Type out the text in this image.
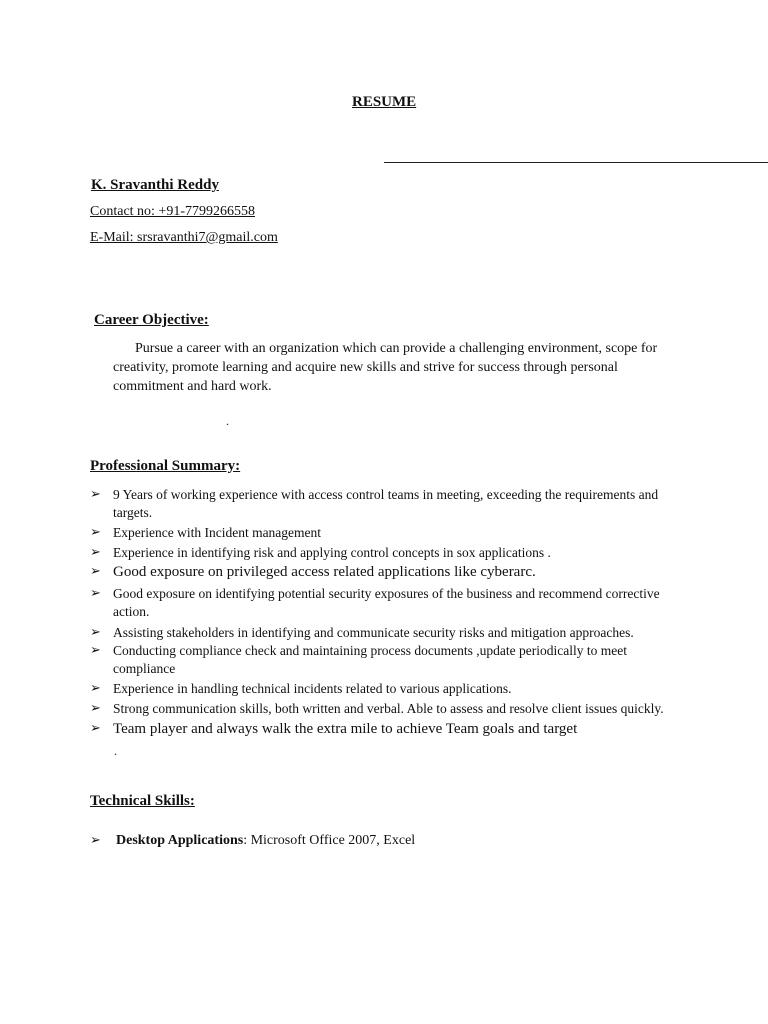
RESUME
K. Sravanthi Reddy
Contact no: +91-7799266558
E-Mail: srsravanthi7@gmail.com
Career Objective:
Pursue a career with an organization which can provide a challenging environment, scope for creativity, promote learning and acquire new skills and strive for success through personal commitment and hard work.
.
Professional Summary:
➢ 9 Years of working experience with access control teams in meeting, exceeding the requirements and targets.
➢ Experience with Incident management
➢ Experience in identifying risk and applying control concepts in sox applications .
➢ Good exposure on privileged access related applications like cyberarc.
➢ Good exposure on identifying potential security exposures of the business and recommend corrective action.
➢ Assisting stakeholders in identifying and communicate security risks and mitigation approaches.
➢ Conducting compliance check and maintaining process documents ,update periodically to meet compliance
➢ Experience in handling technical incidents related to various applications.
➢ Strong communication skills, both written and verbal. Able to assess and resolve client issues quickly.
➢ Team player and always walk the extra mile to achieve Team goals and target
.
Technical Skills:
➢ Desktop Applications: Microsoft Office 2007, Excel
